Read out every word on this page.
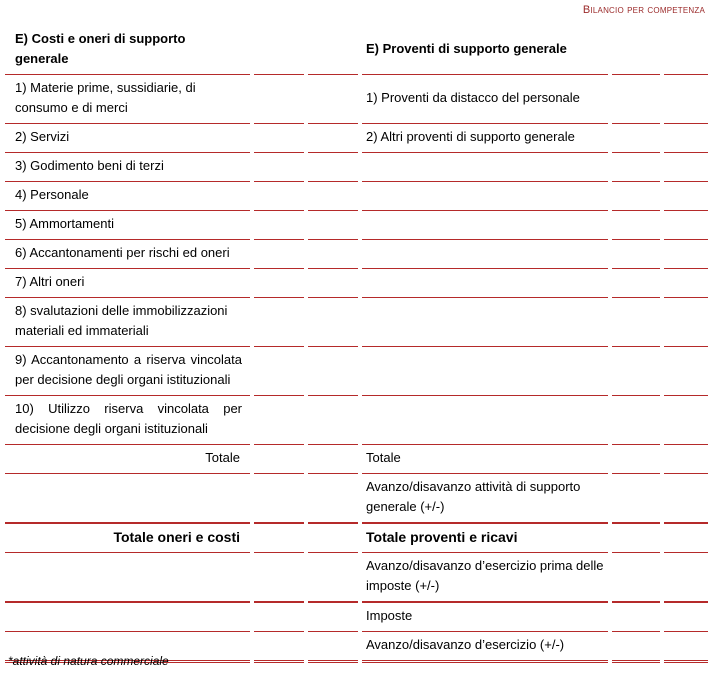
Bilancio per competenza
E) Costi e oneri di supporto generale						E) Proventi di supporto generale				
1) Materie prime, sussidiarie, di consumo e di merci						1) Proventi da distacco del personale				
2) Servizi						2) Altri proventi di supporto generale				
3) Godimento beni di terzi										
4) Personale										
5) Ammortamenti										
6) Accantonamenti per rischi ed oneri										
7) Altri oneri										
8) svalutazioni delle immobilizzazioni materiali ed immateriali										
9) Accantonamento a riserva vincolata per decisione degli organi istituzionali										
10) Utilizzo riserva vincolata per decisione degli organi istituzionali										
Totale						Totale				
						Avanzo/disavanzo attività di supporto generale (+/-)				
Totale oneri e costi						Totale proventi e ricavi				
						Avanzo/disavanzo d’esercizio prima delle imposte (+/-)				
						Imposte				
						Avanzo/disavanzo d’esercizio (+/-)				
*attività di natura commerciale
